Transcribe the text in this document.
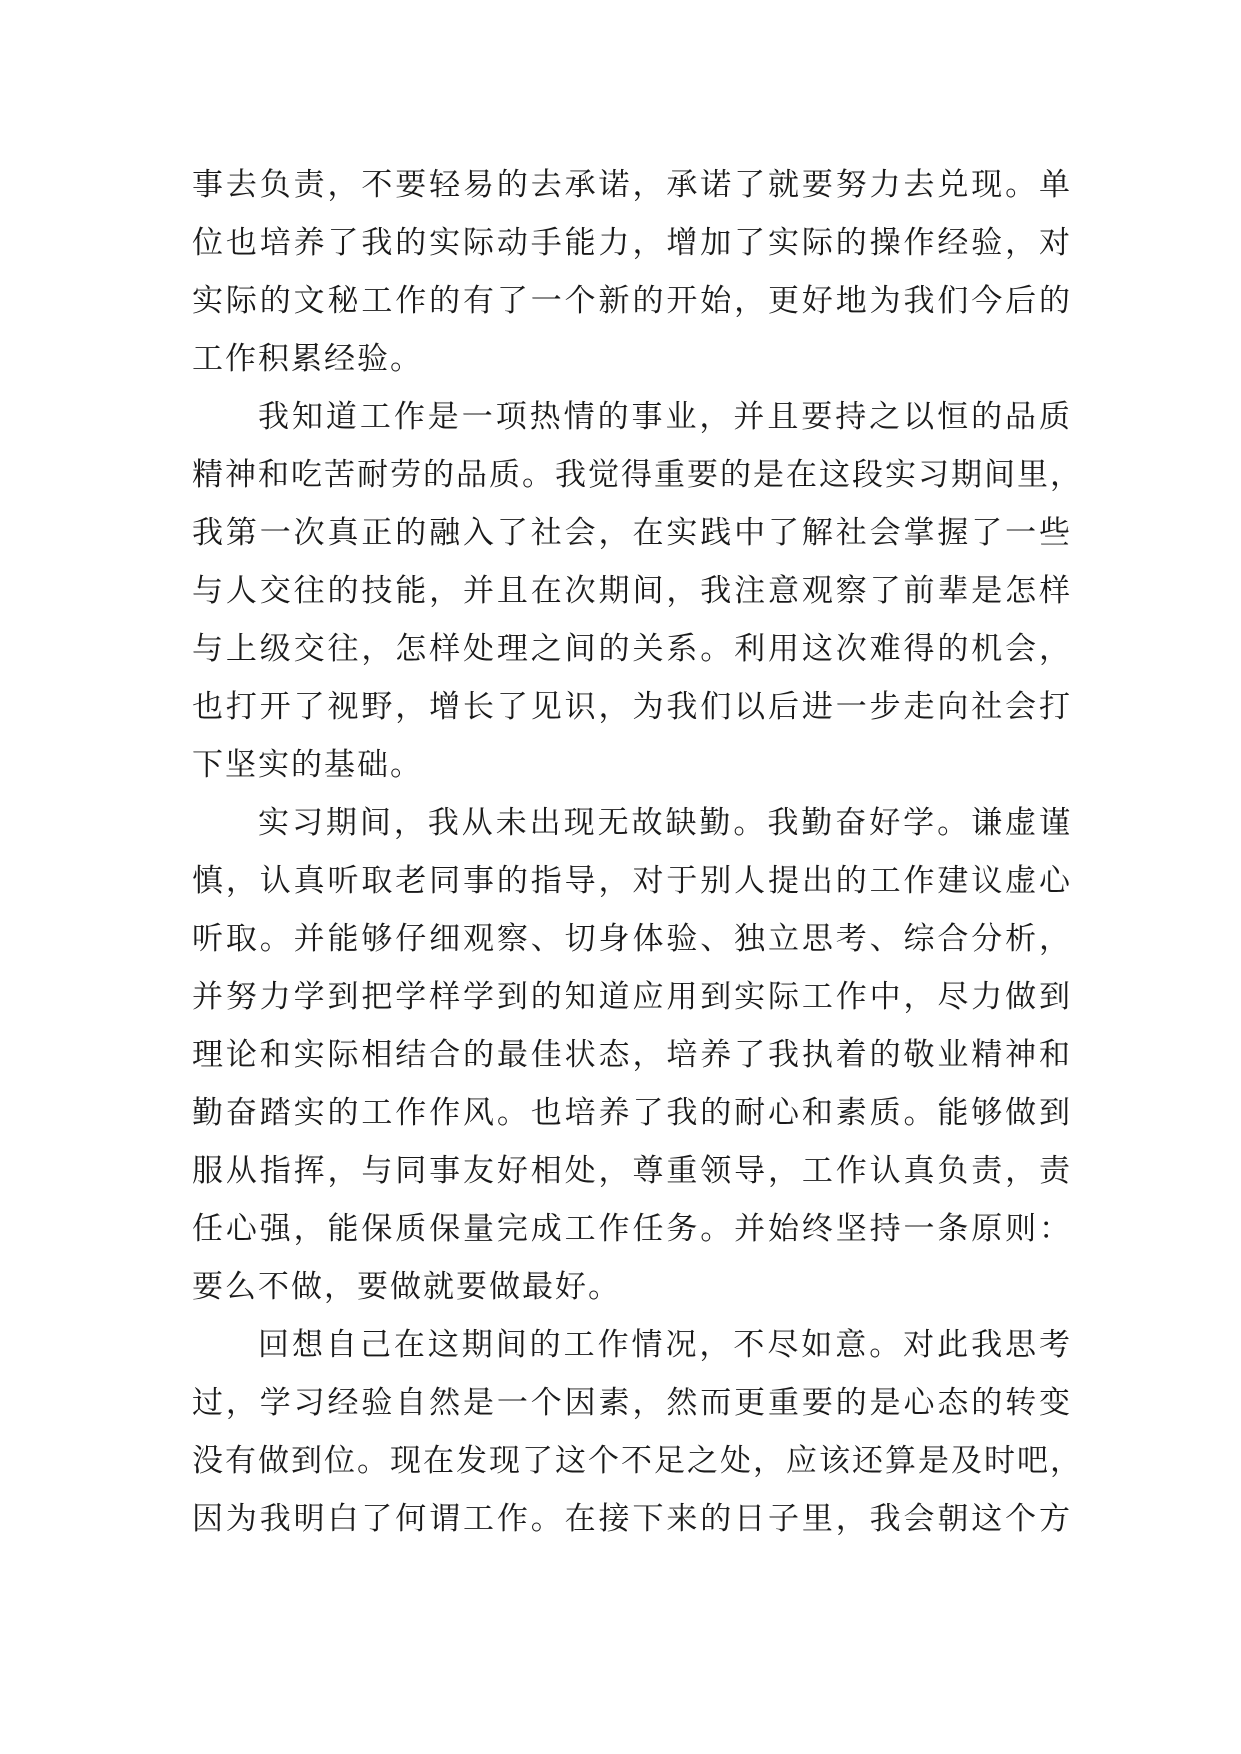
事去负责，不要轻易的去承诺，承诺了就要努力去兑现。单
位也培养了我的实际动手能力，增加了实际的操作经验，对
实际的文秘工作的有了一个新的开始，更好地为我们今后的
工作积累经验。
我知道工作是一项热情的事业，并且要持之以恒的品质
精神和吃苦耐劳的品质。我觉得重要的是在这段实习期间里，
我第一次真正的融入了社会，在实践中了解社会掌握了一些
与人交往的技能，并且在次期间，我注意观察了前辈是怎样
与上级交往，怎样处理之间的关系。利用这次难得的机会，
也打开了视野，增长了见识，为我们以后进一步走向社会打
下坚实的基础。
实习期间，我从未出现无故缺勤。我勤奋好学。谦虚谨
慎，认真听取老同事的指导，对于别人提出的工作建议虚心
听取。并能够仔细观察、切身体验、独立思考、综合分析，
并努力学到把学样学到的知道应用到实际工作中，尽力做到
理论和实际相结合的最佳状态，培养了我执着的敬业精神和
勤奋踏实的工作作风。也培养了我的耐心和素质。能够做到
服从指挥，与同事友好相处，尊重领导，工作认真负责，责
任心强，能保质保量完成工作任务。并始终坚持一条原则：
要么不做，要做就要做最好。
回想自己在这期间的工作情况，不尽如意。对此我思考
过，学习经验自然是一个因素，然而更重要的是心态的转变
没有做到位。现在发现了这个不足之处，应该还算是及时吧，
因为我明白了何谓工作。在接下来的日子里，我会朝这个方
